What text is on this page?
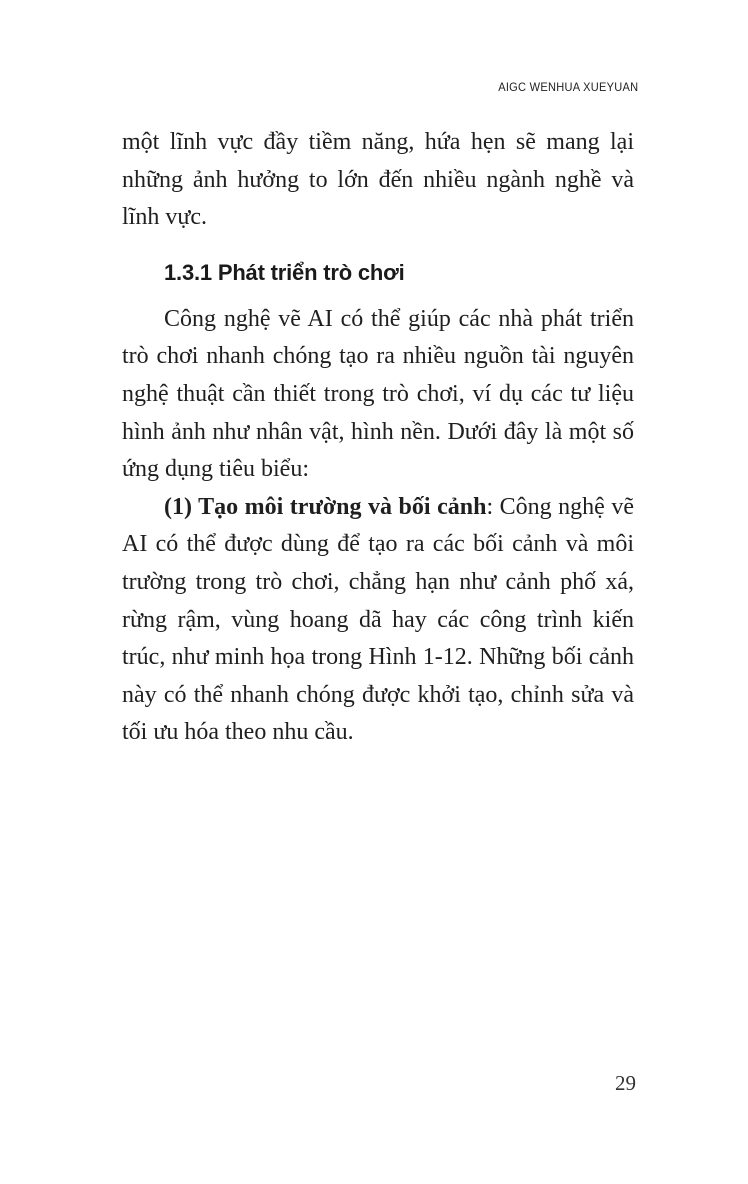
AIGC WENHUA XUEYUAN

một lĩnh vực đầy tiềm năng, hứa hẹn sẽ mang lại những ảnh hưởng to lớn đến nhiều ngành nghề và lĩnh vực.

1.3.1 Phát triển trò chơi

Công nghệ vẽ AI có thể giúp các nhà phát triển trò chơi nhanh chóng tạo ra nhiều nguồn tài nguyên nghệ thuật cần thiết trong trò chơi, ví dụ các tư liệu hình ảnh như nhân vật, hình nền. Dưới đây là một số ứng dụng tiêu biểu:

(1) Tạo môi trường và bối cảnh: Công nghệ vẽ AI có thể được dùng để tạo ra các bối cảnh và môi trường trong trò chơi, chẳng hạn như cảnh phố xá, rừng rậm, vùng hoang dã hay các công trình kiến trúc, như minh họa trong Hình 1-12. Những bối cảnh này có thể nhanh chóng được khởi tạo, chỉnh sửa và tối ưu hóa theo nhu cầu.

29
